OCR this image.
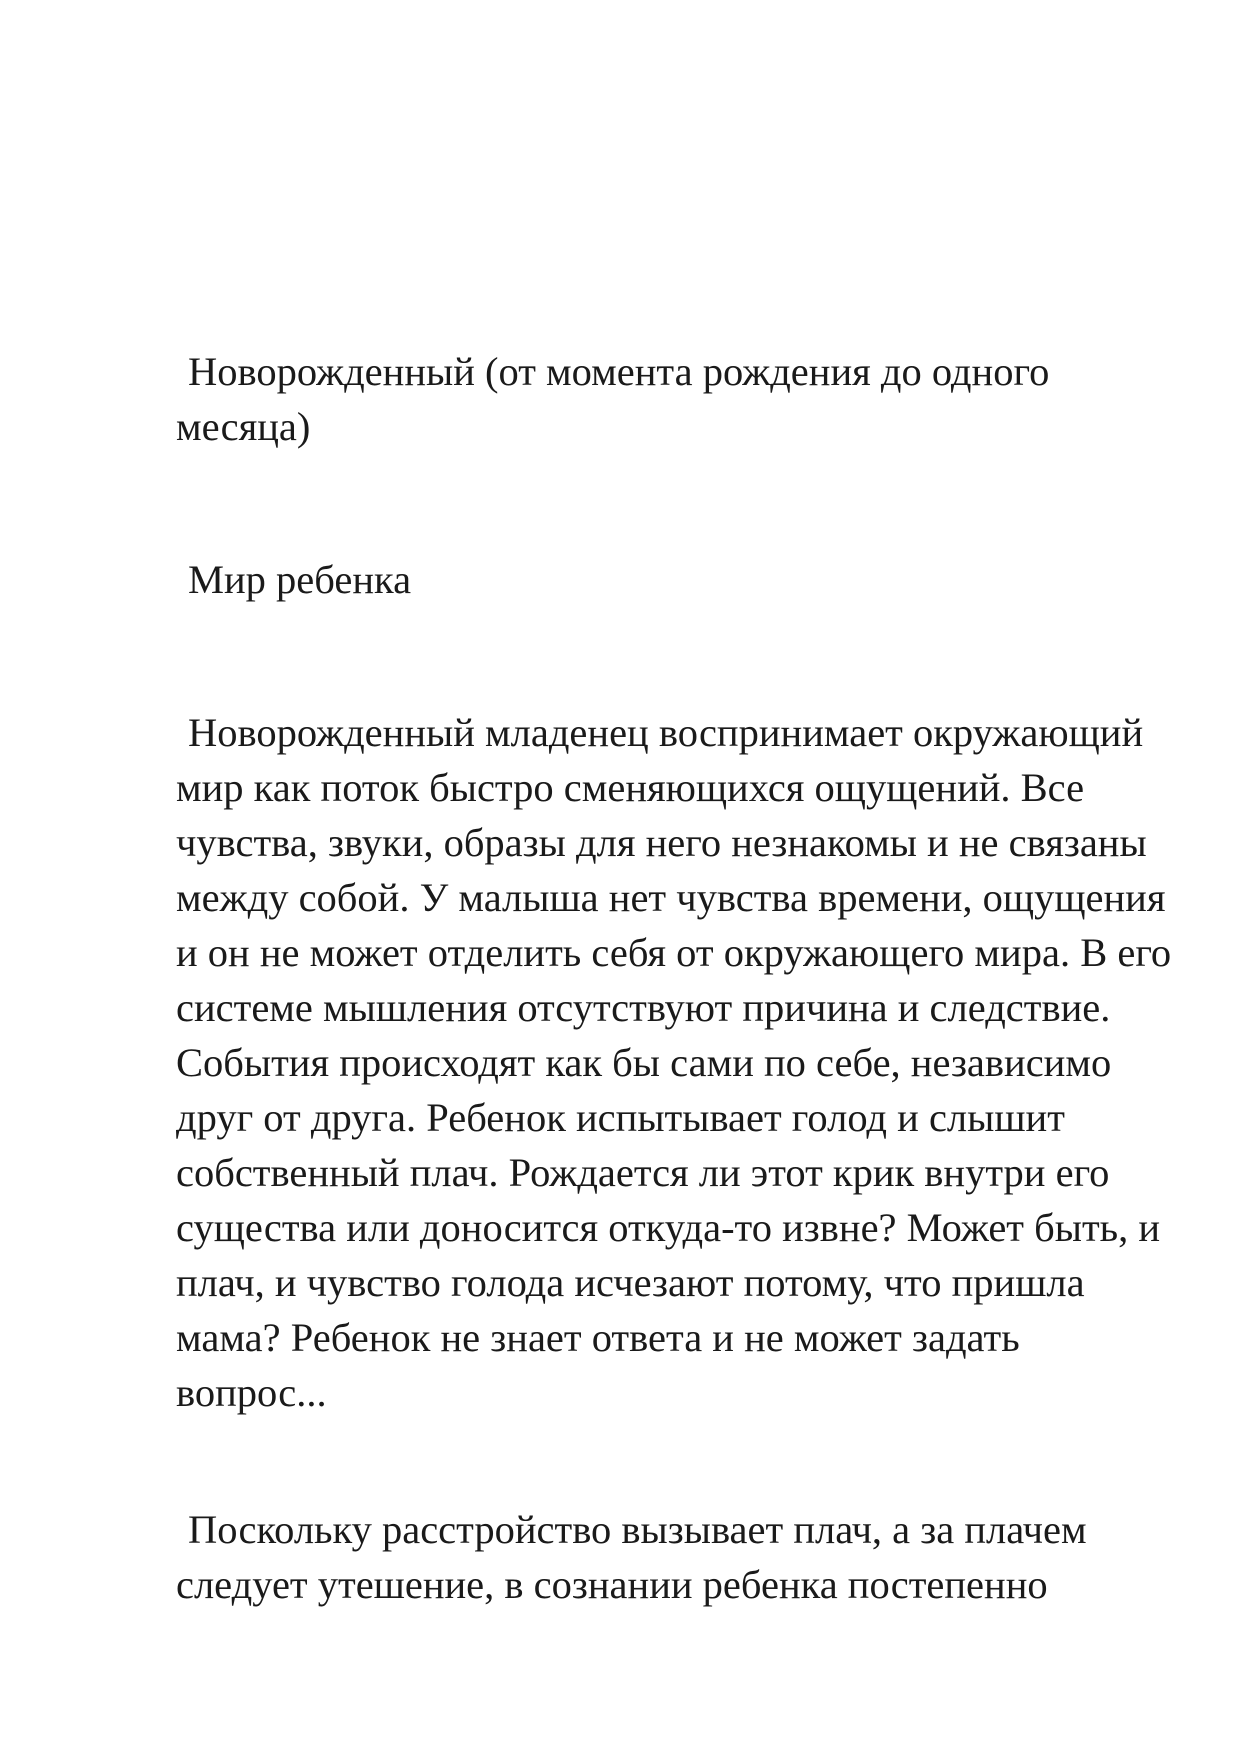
Новорожденный (от момента рождения до одного месяца)

Мир ребенка

Новорожденный младенец воспринимает окружающий мир как поток быстро сменяющихся ощущений. Все чувства, звуки, образы для него незнакомы и не связаны между собой. У малыша нет чувства времени, ощущения и он не может отделить себя от окружающего мира. В его системе мышления отсутствуют причина и следствие. События происходят как бы сами по себе, независимо друг от друга. Ребенок испытывает голод и слышит собственный плач. Рождается ли этот крик внутри его существа или доносится откуда-то извне? Может быть, и плач, и чувство голода исчезают потому, что пришла мама? Ребенок не знает ответа и не может задать вопрос...

Поскольку расстройство вызывает плач, а за плачем следует утешение, в сознании ребенка постепенно
